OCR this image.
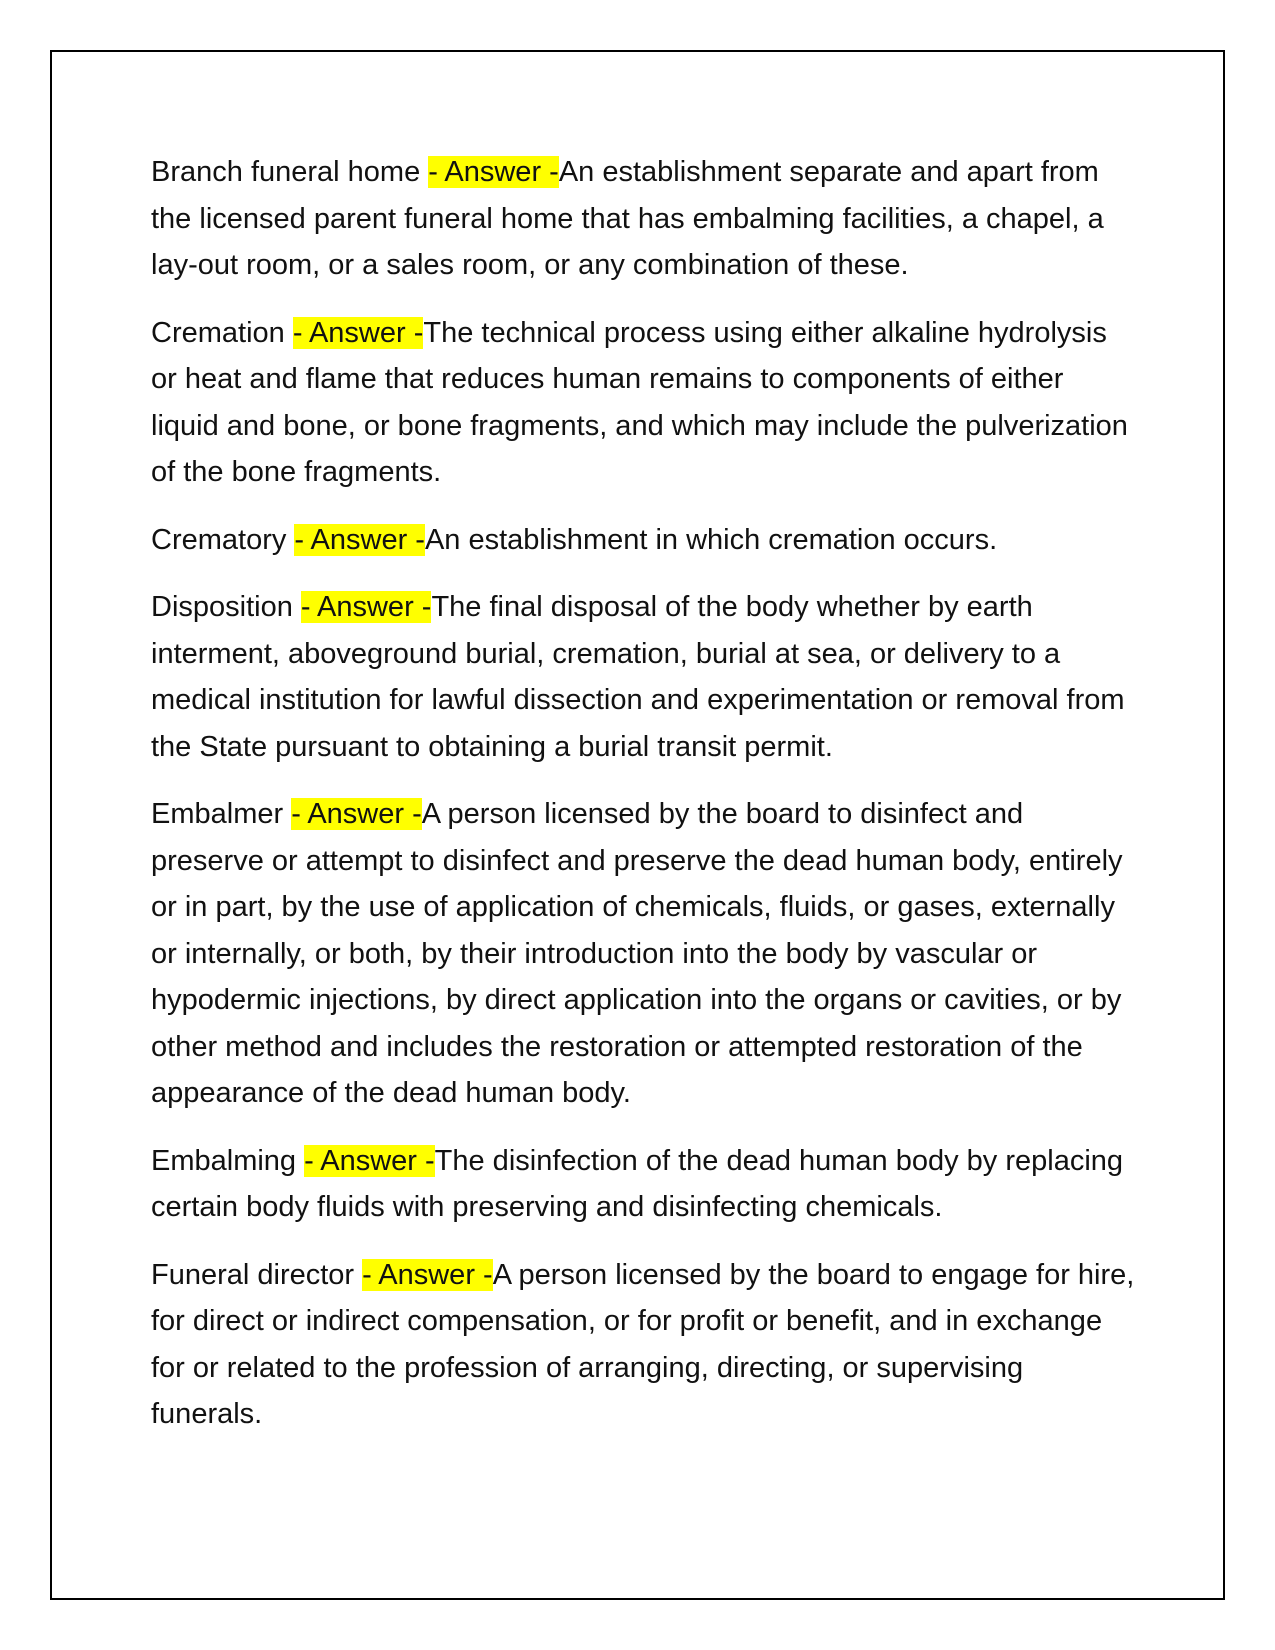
Branch funeral home - Answer -An establishment separate and apart from the licensed parent funeral home that has embalming facilities, a chapel, a lay-out room, or a sales room, or any combination of these.

Cremation - Answer -The technical process using either alkaline hydrolysis or heat and flame that reduces human remains to components of either liquid and bone, or bone fragments, and which may include the pulverization of the bone fragments.

Crematory - Answer -An establishment in which cremation occurs.

Disposition - Answer -The final disposal of the body whether by earth interment, aboveground burial, cremation, burial at sea, or delivery to a medical institution for lawful dissection and experimentation or removal from the State pursuant to obtaining a burial transit permit.

Embalmer - Answer -A person licensed by the board to disinfect and preserve or attempt to disinfect and preserve the dead human body, entirely or in part, by the use of application of chemicals, fluids, or gases, externally or internally, or both, by their introduction into the body by vascular or hypodermic injections, by direct application into the organs or cavities, or by other method and includes the restoration or attempted restoration of the appearance of the dead human body.

Embalming - Answer -The disinfection of the dead human body by replacing certain body fluids with preserving and disinfecting chemicals.

Funeral director - Answer -A person licensed by the board to engage for hire, for direct or indirect compensation, or for profit or benefit, and in exchange for or related to the profession of arranging, directing, or supervising funerals.
